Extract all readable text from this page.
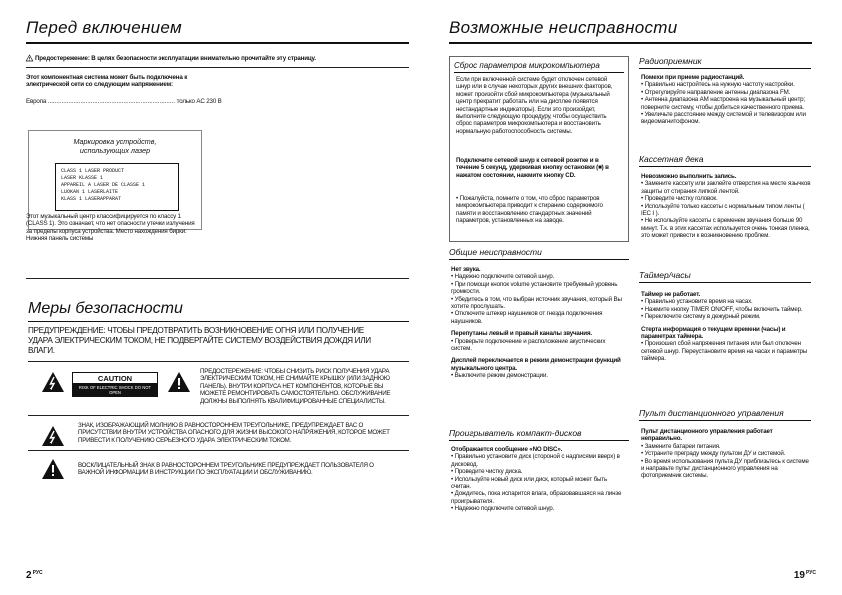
Перед включением
Предостережение: В целях безопасности эксплуатации внимательно прочитайте эту страницу.
Этот компонентная система может быть подключена к электрической сети со следующим напряжением:
Европа .......................................................................... только AC 230 В
Маркировка устройств, использующих лазер
CLASS 1 LASER PRODUCT
LASER KLASSE 1
APPAREIL A LASER DE CLASSE 1
LUOKAN 1 LASERLAITE
KLASS 1 LASERAPPARAT
Этот музыкальный центр классифицируется по классу 1 (CLASS 1). Это означает, что нет опасности утечки излучения за пределы корпуса устройства. Место нахождения бирки: Нижняя панель системы
Меры безопасности
ПРЕДУПРЕЖДЕНИЕ: ЧТОБЫ ПРЕДОТВРАТИТЬ ВОЗНИКНОВЕНИЕ ОГНЯ ИЛИ ПОЛУЧЕНИЕ УДАРА ЭЛЕКТРИЧЕСКИМ ТОКОМ, НЕ ПОДВЕРГАЙТЕ СИСТЕМУ ВОЗДЕЙСТВИЯ ДОЖДЯ ИЛИ ВЛАГИ.
CAUTION
RISK OF ELECTRIC SHOCK DO NOT OPEN
ПРЕДОСТЕРЕЖЕНИЕ: ЧТОБЫ СНИЗИТЬ РИСК ПОЛУЧЕНИЯ УДАРА ЭЛЕКТРИЧЕСКИМ ТОКОМ, НЕ СНИМАЙТЕ КРЫШКУ (ИЛИ ЗАДНЮЮ ПАНЕЛЬ). ВНУТРИ КОРПУСА НЕТ КОМПОНЕНТОВ, КОТОРЫЕ ВЫ МОЖЕТЕ РЕМОНТИРОВАТЬ САМОСТОЯТЕЛЬНО. ОБСЛУЖИВАНИЕ ДОЛЖНЫ ВЫПОЛНЯТЬ КВАЛИФИЦИРОВАННЫЕ СПЕЦИАЛИСТЫ.
ЗНАК, ИЗОБРАЖАЮЩИЙ МОЛНИЮ В РАВНОСТОРОННЕМ ТРЕУГОЛЬНИКЕ, ПРЕДУПРЕЖДАЕТ ВАС О ПРИСУТСТВИИ ВНУТРИ УСТРОЙСТВА ОПАСНОГО ДЛЯ ЖИЗНИ ВЫСОКОГО НАПРЯЖЕНИЯ, КОТОРОЕ МОЖЕТ ПРИВЕСТИ К ПОЛУЧЕНИЮ СЕРЬЕЗНОГО УДАРА ЭЛЕКТРИЧЕСКИМ ТОКОМ.
ВОСКЛИЦАТЕЛЬНЫЙ ЗНАК В РАВНОСТОРОННЕМ ТРЕУГОЛЬНИКЕ ПРЕДУПРЕЖДАЕТ ПОЛЬЗОВАТЕЛЯ О ВАЖНОЙ ИНФОРМАЦИИ В ИНСТРУКЦИИ ПО ЭКСПЛУАТАЦИИ И ОБСЛУЖИВАНИЮ.
$2^{РУС}$
Возможные неисправности
Сброс параметров микрокомпьютера
Если при включенной системе будет отключен сетевой шнур или в случае некоторых других внешних факторов, может произойти сбой микрокомпьютера (музыкальный центр прекратит работать или на дисплее появятся нестандартные индикаторы). Если это произойдет, выполните следующую процедуру, чтобы осуществить сброс параметров микрокомпьютера и восстановить нормальную работоспособность системы.
Подключите сетевой шнур к сетевой розетке и в течение 5 секунд, удерживая кнопку остановки (■) в нажатом состоянии, нажмите кнопку CD.
• Пожалуйста, помните о том, что сброс параметров микрокомпьютера приводит к стиранию содержимого памяти и восстановлению стандартных значений параметров, установленных на заводе.
Общие неисправности
Нет звука.
• Надежно подключите сетевой шнур.
• При помощи кнопок volume установите требуемый уровень громкости.
• Убедитесь в том, что выбран источник звучания, который Вы хотите прослушать.
• Отключите штекер наушников от гнезда подключения наушников.
Перепутаны левый и правый каналы звучания.
• Проверьте подключение и расположение акустических систем.
Дисплей переключается в режим демонстрации функций музыкального центра.
• Выключите режим демонстрации.
Проигрыватель компакт-дисков
Отображается сообщение «NO DISC».
• Правильно установите диск (стороной с надписями вверх) в дисковод.
• Проведите чистку диска.
• Используйте новый диск или диск, который может быть считан.
• Дождитесь, пока испарится влага, образовавшаяся на линзе проигрывателя.
• Надежно подключите сетевой шнур.
Радиоприемник
Помехи при приеме радиостанций.
• Правильно настройтесь на нужную частоту настройки.
• Отрегулируйте направление антенны диапазона FM.
• Антенна диапазона AM настроена на музыкальный центр; поверните систему, чтобы добиться качественного приема.
• Увеличьте расстояние между системой и телевизором или видеомагнитофоном.
Кассетная дека
Невозможно выполнить запись.
• Замените кассету или заклейте отверстия на месте язычков защиты от стирания липкой лентой.
• Проведите чистку головок.
• Используйте только кассеты с нормальным типом ленты ( IEC I ).
• Не используйте кассеты с временем звучания больше 90 минут. Т.к. в этих кассетах используется очень тонкая пленка, это может привести к возникновению проблем.
Таймер/часы
Таймер не работает.
• Правильно установите время на часах.
• Нажмите кнопку TIMER ON/OFF, чтобы включить таймер.
• Переключите систему в дежурный режим.
Стерта информация о текущем времени (часы) и параметрах таймера.
• Произошел сбой напряжения питания или был отключен сетевой шнур. Переустановите время на часах и параметры таймера.
Пульт дистанционного управления
Пульт дистанционного управления работает неправильно.
• Замените батареи питания.
• Устраните преграду между пультом ДУ и системой.
• Во время использования пульта ДУ приблизьтесь к системе и направьте пульт дистанционного управления на фотоприемник системы.
$19^{РУС}$
